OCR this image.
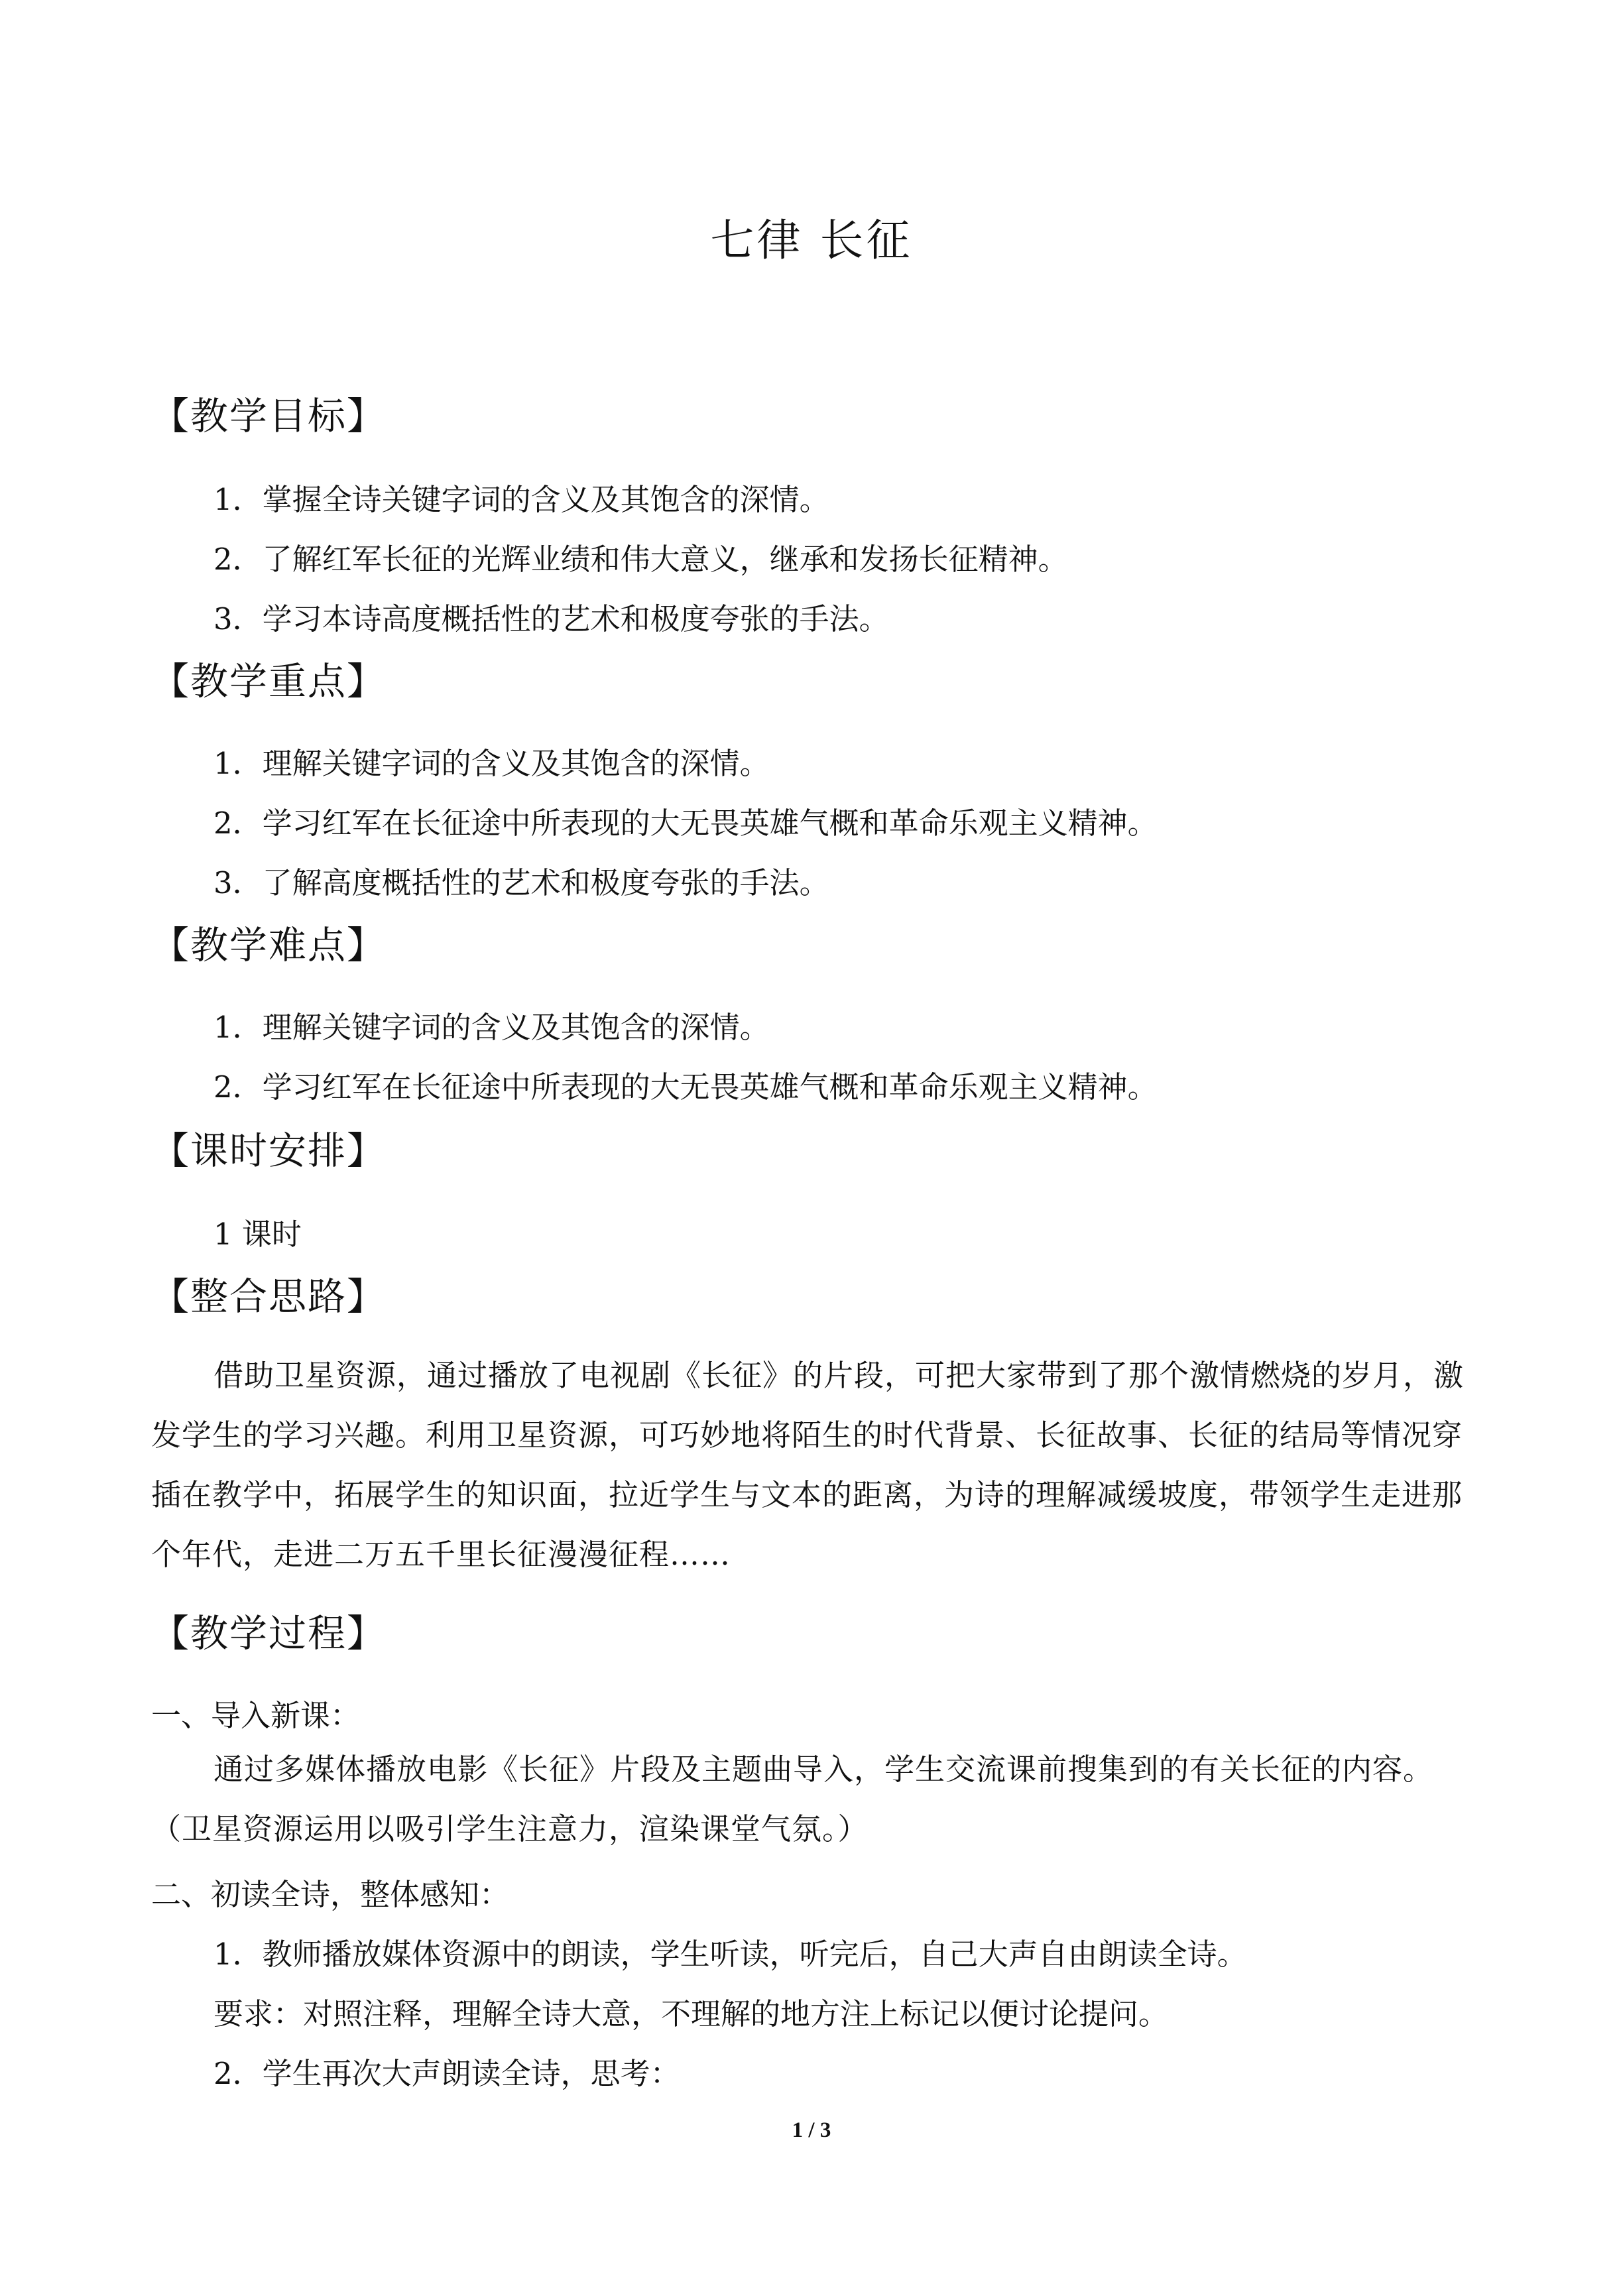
七律 长征
【教学目标】
1．掌握全诗关键字词的含义及其饱含的深情。
2．了解红军长征的光辉业绩和伟大意义，继承和发扬长征精神。
3．学习本诗高度概括性的艺术和极度夸张的手法。
【教学重点】
1．理解关键字词的含义及其饱含的深情。
2．学习红军在长征途中所表现的大无畏英雄气概和革命乐观主义精神。
3．了解高度概括性的艺术和极度夸张的手法。
【教学难点】
1．理解关键字词的含义及其饱含的深情。
2．学习红军在长征途中所表现的大无畏英雄气概和革命乐观主义精神。
【课时安排】
1 课时
【整合思路】
借助卫星资源，通过播放了电视剧《长征》的片段，可把大家带到了那个激情燃烧的岁月，激发学生的学习兴趣。利用卫星资源，可巧妙地将陌生的时代背景、长征故事、长征的结局等情况穿插在教学中，拓展学生的知识面，拉近学生与文本的距离，为诗的理解减缓坡度，带领学生走进那个年代，走进二万五千里长征漫漫征程……
【教学过程】
一、导入新课：
通过多媒体播放电影《长征》片段及主题曲导入，学生交流课前搜集到的有关长征的内容。（卫星资源运用以吸引学生注意力，渲染课堂气氛。）
二、初读全诗，整体感知：
1．教师播放媒体资源中的朗读，学生听读，听完后，自己大声自由朗读全诗。
要求：对照注释，理解全诗大意，不理解的地方注上标记以便讨论提问。
2．学生再次大声朗读全诗，思考：
1 / 3
